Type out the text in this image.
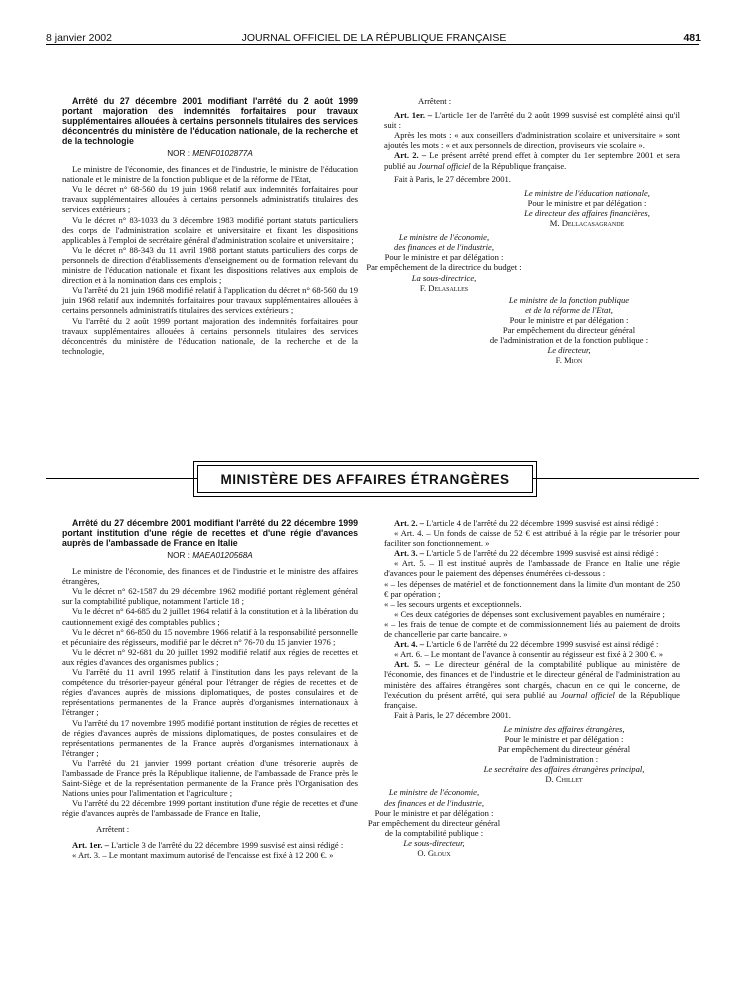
8 janvier 2002	JOURNAL OFFICIEL DE LA RÉPUBLIQUE FRANÇAISE	481

Arrêté du 27 décembre 2001 modifiant l'arrêté du 2 août 1999 portant majoration des indemnités forfaitaires pour travaux supplémentaires allouées à certains personnels titulaires des services déconcentrés du ministère de l'éducation nationale, de la recherche et de la technologie

NOR : MENF0102877A

Le ministre de l'économie, des finances et de l'industrie, le ministre de l'éducation nationale et le ministre de la fonction publique et de la réforme de l'Etat,

Vu le décret n° 68-560 du 19 juin 1968 relatif aux indemnités forfaitaires pour travaux supplémentaires allouées à certains personnels administratifs titulaires des services extérieurs ;

Vu le décret n° 83-1033 du 3 décembre 1983 modifié portant statuts particuliers des corps de l'administration scolaire et universitaire et fixant les dispositions applicables à l'emploi de secrétaire général d'administration scolaire et universitaire ;

Vu le décret n° 88-343 du 11 avril 1988 portant statuts particuliers des corps de personnels de direction d'établissements d'enseignement ou de formation relevant du ministre de l'éducation nationale et fixant les dispositions relatives aux emplois de direction et à la nomination dans ces emplois ;

Vu l'arrêté du 21 juin 1968 modifié relatif à l'application du décret n° 68-560 du 19 juin 1968 relatif aux indemnités forfaitaires pour travaux supplémentaires allouées à certains personnels administratifs titulaires des services extérieurs ;

Vu l'arrêté du 2 août 1999 portant majoration des indemnités forfaitaires pour travaux supplémentaires allouées à certains personnels titulaires des services déconcentrés du ministère de l'éducation nationale, de la recherche et de la technologie,

Arrêtent :

Art. 1er. – L'article 1er de l'arrêté du 2 août 1999 susvisé est complété ainsi qu'il suit :

Après les mots : « aux conseillers d'administration scolaire et universitaire » sont ajoutés les mots : « et aux personnels de direction, proviseurs vie scolaire ».

Art. 2. – Le présent arrêté prend effet à compter du 1er septembre 2001 et sera publié au Journal officiel de la République française.

Fait à Paris, le 27 décembre 2001.

Le ministre de l'éducation nationale,
Pour le ministre et par délégation :
Le directeur des affaires financières,
M. Dellacasagrande
Le ministre de l'économie,
des finances et de l'industrie,
Pour le ministre et par délégation :
Par empêchement de la directrice du budget :
La sous-directrice,
F. Delasalles
Le ministre de la fonction publique
et de la réforme de l'Etat,
Pour le ministre et par délégation :
Par empêchement du directeur général
de l'administration et de la fonction publique :
Le directeur,
F. Mion
MINISTÈRE DES AFFAIRES ÉTRANGÈRES

Arrêté du 27 décembre 2001 modifiant l'arrêté du 22 décembre 1999 portant institution d'une régie de recettes et d'une régie d'avances auprès de l'ambassade de France en Italie

NOR : MAEA0120568A

Le ministre de l'économie, des finances et de l'industrie et le ministre des affaires étrangères,

Vu le décret n° 62-1587 du 29 décembre 1962 modifié portant règlement général sur la comptabilité publique, notamment l'article 18 ;

Vu le décret n° 64-685 du 2 juillet 1964 relatif à la constitution et à la libération du cautionnement exigé des comptables publics ;

Vu le décret n° 66-850 du 15 novembre 1966 relatif à la responsabilité personnelle et pécuniaire des régisseurs, modifié par le décret n° 76-70 du 15 janvier 1976 ;

Vu le décret n° 92-681 du 20 juillet 1992 modifié relatif aux régies de recettes et aux régies d'avances des organismes publics ;

Vu l'arrêté du 11 avril 1995 relatif à l'institution dans les pays relevant de la compétence du trésorier-payeur général pour l'étranger de régies de recettes et de régies d'avances auprès de missions diplomatiques, de postes consulaires et de représentations permanentes de la France auprès d'organismes internationaux à l'étranger ;

Vu l'arrêté du 17 novembre 1995 modifié portant institution de régies de recettes et de régies d'avances auprès de missions diplomatiques, de postes consulaires et de représentations permanentes de la France auprès d'organismes internationaux à l'étranger ;

Vu l'arrêté du 21 janvier 1999 portant création d'une trésorerie auprès de l'ambassade de France près la République italienne, de l'ambassade de France près le Saint-Siège et de la représentation permanente de la France près l'Organisation des Nations unies pour l'alimentation et l'agriculture ;

Vu l'arrêté du 22 décembre 1999 portant institution d'une régie de recettes et d'une régie d'avances auprès de l'ambassade de France en Italie,

Arrêtent :

Art. 1er. – L'article 3 de l'arrêté du 22 décembre 1999 susvisé est ainsi rédigé :

« Art. 3. – Le montant maximum autorisé de l'encaisse est fixé à 12 200 €. »

Art. 2. – L'article 4 de l'arrêté du 22 décembre 1999 susvisé est ainsi rédigé :

« Art. 4. – Un fonds de caisse de 52 € est attribué à la régie par le trésorier pour faciliter son fonctionnement. »

Art. 3. – L'article 5 de l'arrêté du 22 décembre 1999 susvisé est ainsi rédigé :

« Art. 5. – Il est institué auprès de l'ambassade de France en Italie une régie d'avances pour le paiement des dépenses énumérées ci-dessous :

« – les dépenses de matériel et de fonctionnement dans la limite d'un montant de 250 € par opération ;

« – les secours urgents et exceptionnels.

« Ces deux catégories de dépenses sont exclusivement payables en numéraire ;

« – les frais de tenue de compte et de commissionnement liés au paiement de droits de chancellerie par carte bancaire. »

Art. 4. – L'article 6 de l'arrêté du 22 décembre 1999 susvisé est ainsi rédigé :

« Art. 6. – Le montant de l'avance à consentir au régisseur est fixé à 2 300 €. »

Art. 5. – Le directeur général de la comptabilité publique au ministère de l'économie, des finances et de l'industrie et le directeur général de l'administration au ministère des affaires étrangères sont chargés, chacun en ce qui le concerne, de l'exécution du présent arrêté, qui sera publié au Journal officiel de la République française.

Fait à Paris, le 27 décembre 2001.

Le ministre des affaires étrangères,
Pour le ministre et par délégation :
Par empêchement du directeur général
de l'administration :
Le secrétaire des affaires étrangères principal,
D. Chillet
Le ministre de l'économie,
des finances et de l'industrie,
Pour le ministre et par délégation :
Par empêchement du directeur général
de la comptabilité publique :
Le sous-directeur,
O. Gloux
